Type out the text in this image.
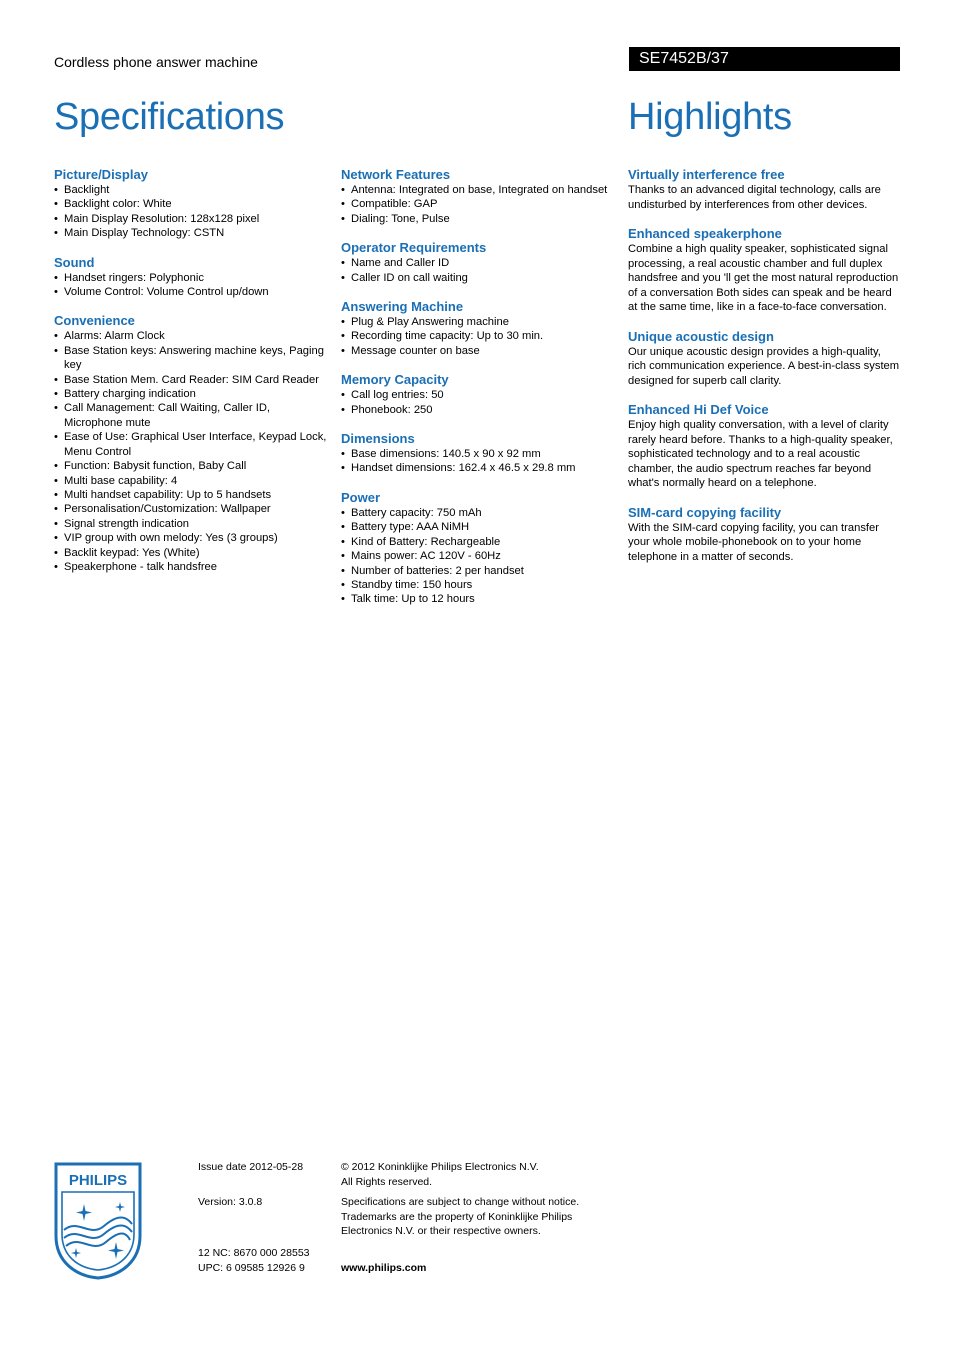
Cordless phone answer machine	SE7452B/37
Specifications	Highlights
Picture/Display
• Backlight
• Backlight color: White
• Main Display Resolution: 128x128 pixel
• Main Display Technology: CSTN
Sound
• Handset ringers: Polyphonic
• Volume Control: Volume Control up/down
Convenience
• Alarms: Alarm Clock
• Base Station keys: Answering machine keys, Paging key
• Base Station Mem. Card Reader: SIM Card Reader
• Battery charging indication
• Call Management: Call Waiting, Caller ID, Microphone mute
• Ease of Use: Graphical User Interface, Keypad Lock, Menu Control
• Function: Babysit function, Baby Call
• Multi base capability: 4
• Multi handset capability: Up to 5 handsets
• Personalisation/Customization: Wallpaper
• Signal strength indication
• VIP group with own melody: Yes (3 groups)
• Backlit keypad: Yes (White)
• Speakerphone - talk handsfree
Network Features
• Antenna: Integrated on base, Integrated on handset
• Compatible: GAP
• Dialing: Tone, Pulse
Operator Requirements
• Name and Caller ID
• Caller ID on call waiting
Answering Machine
• Plug & Play Answering machine
• Recording time capacity: Up to 30 min.
• Message counter on base
Memory Capacity
• Call log entries: 50
• Phonebook: 250
Dimensions
• Base dimensions: 140.5 x 90 x 92 mm
• Handset dimensions: 162.4 x 46.5 x 29.8 mm
Power
• Battery capacity: 750 mAh
• Battery type: AAA NiMH
• Kind of Battery: Rechargeable
• Mains power: AC 120V - 60Hz
• Number of batteries: 2 per handset
• Standby time: 150 hours
• Talk time: Up to 12 hours
Virtually interference free
Thanks to an advanced digital technology, calls are undisturbed by interferences from other devices.
Enhanced speakerphone
Combine a high quality speaker, sophisticated signal processing, a real acoustic chamber and full duplex handsfree and you 'll get the most natural reproduction of a conversation Both sides can speak and be heard at the same time, like in a face-to-face conversation.
Unique acoustic design
Our unique acoustic design provides a high-quality, rich communication experience. A best-in-class system designed for superb call clarity.
Enhanced Hi Def Voice
Enjoy high quality conversation, with a level of clarity rarely heard before. Thanks to a high-quality speaker, sophisticated technology and to a real acoustic chamber, the audio spectrum reaches far beyond what's normally heard on a telephone.
SIM-card copying facility
With the SIM-card copying facility, you can transfer your whole mobile-phonebook on to your home telephone in a matter of seconds.
PHILIPS
Issue date 2012-05-28
Version: 3.0.8
12 NC: 8670 000 28553
UPC: 6 09585 12926 9
© 2012 Koninklijke Philips Electronics N.V.
All Rights reserved.
Specifications are subject to change without notice. Trademarks are the property of Koninklijke Philips Electronics N.V. or their respective owners.
www.philips.com
